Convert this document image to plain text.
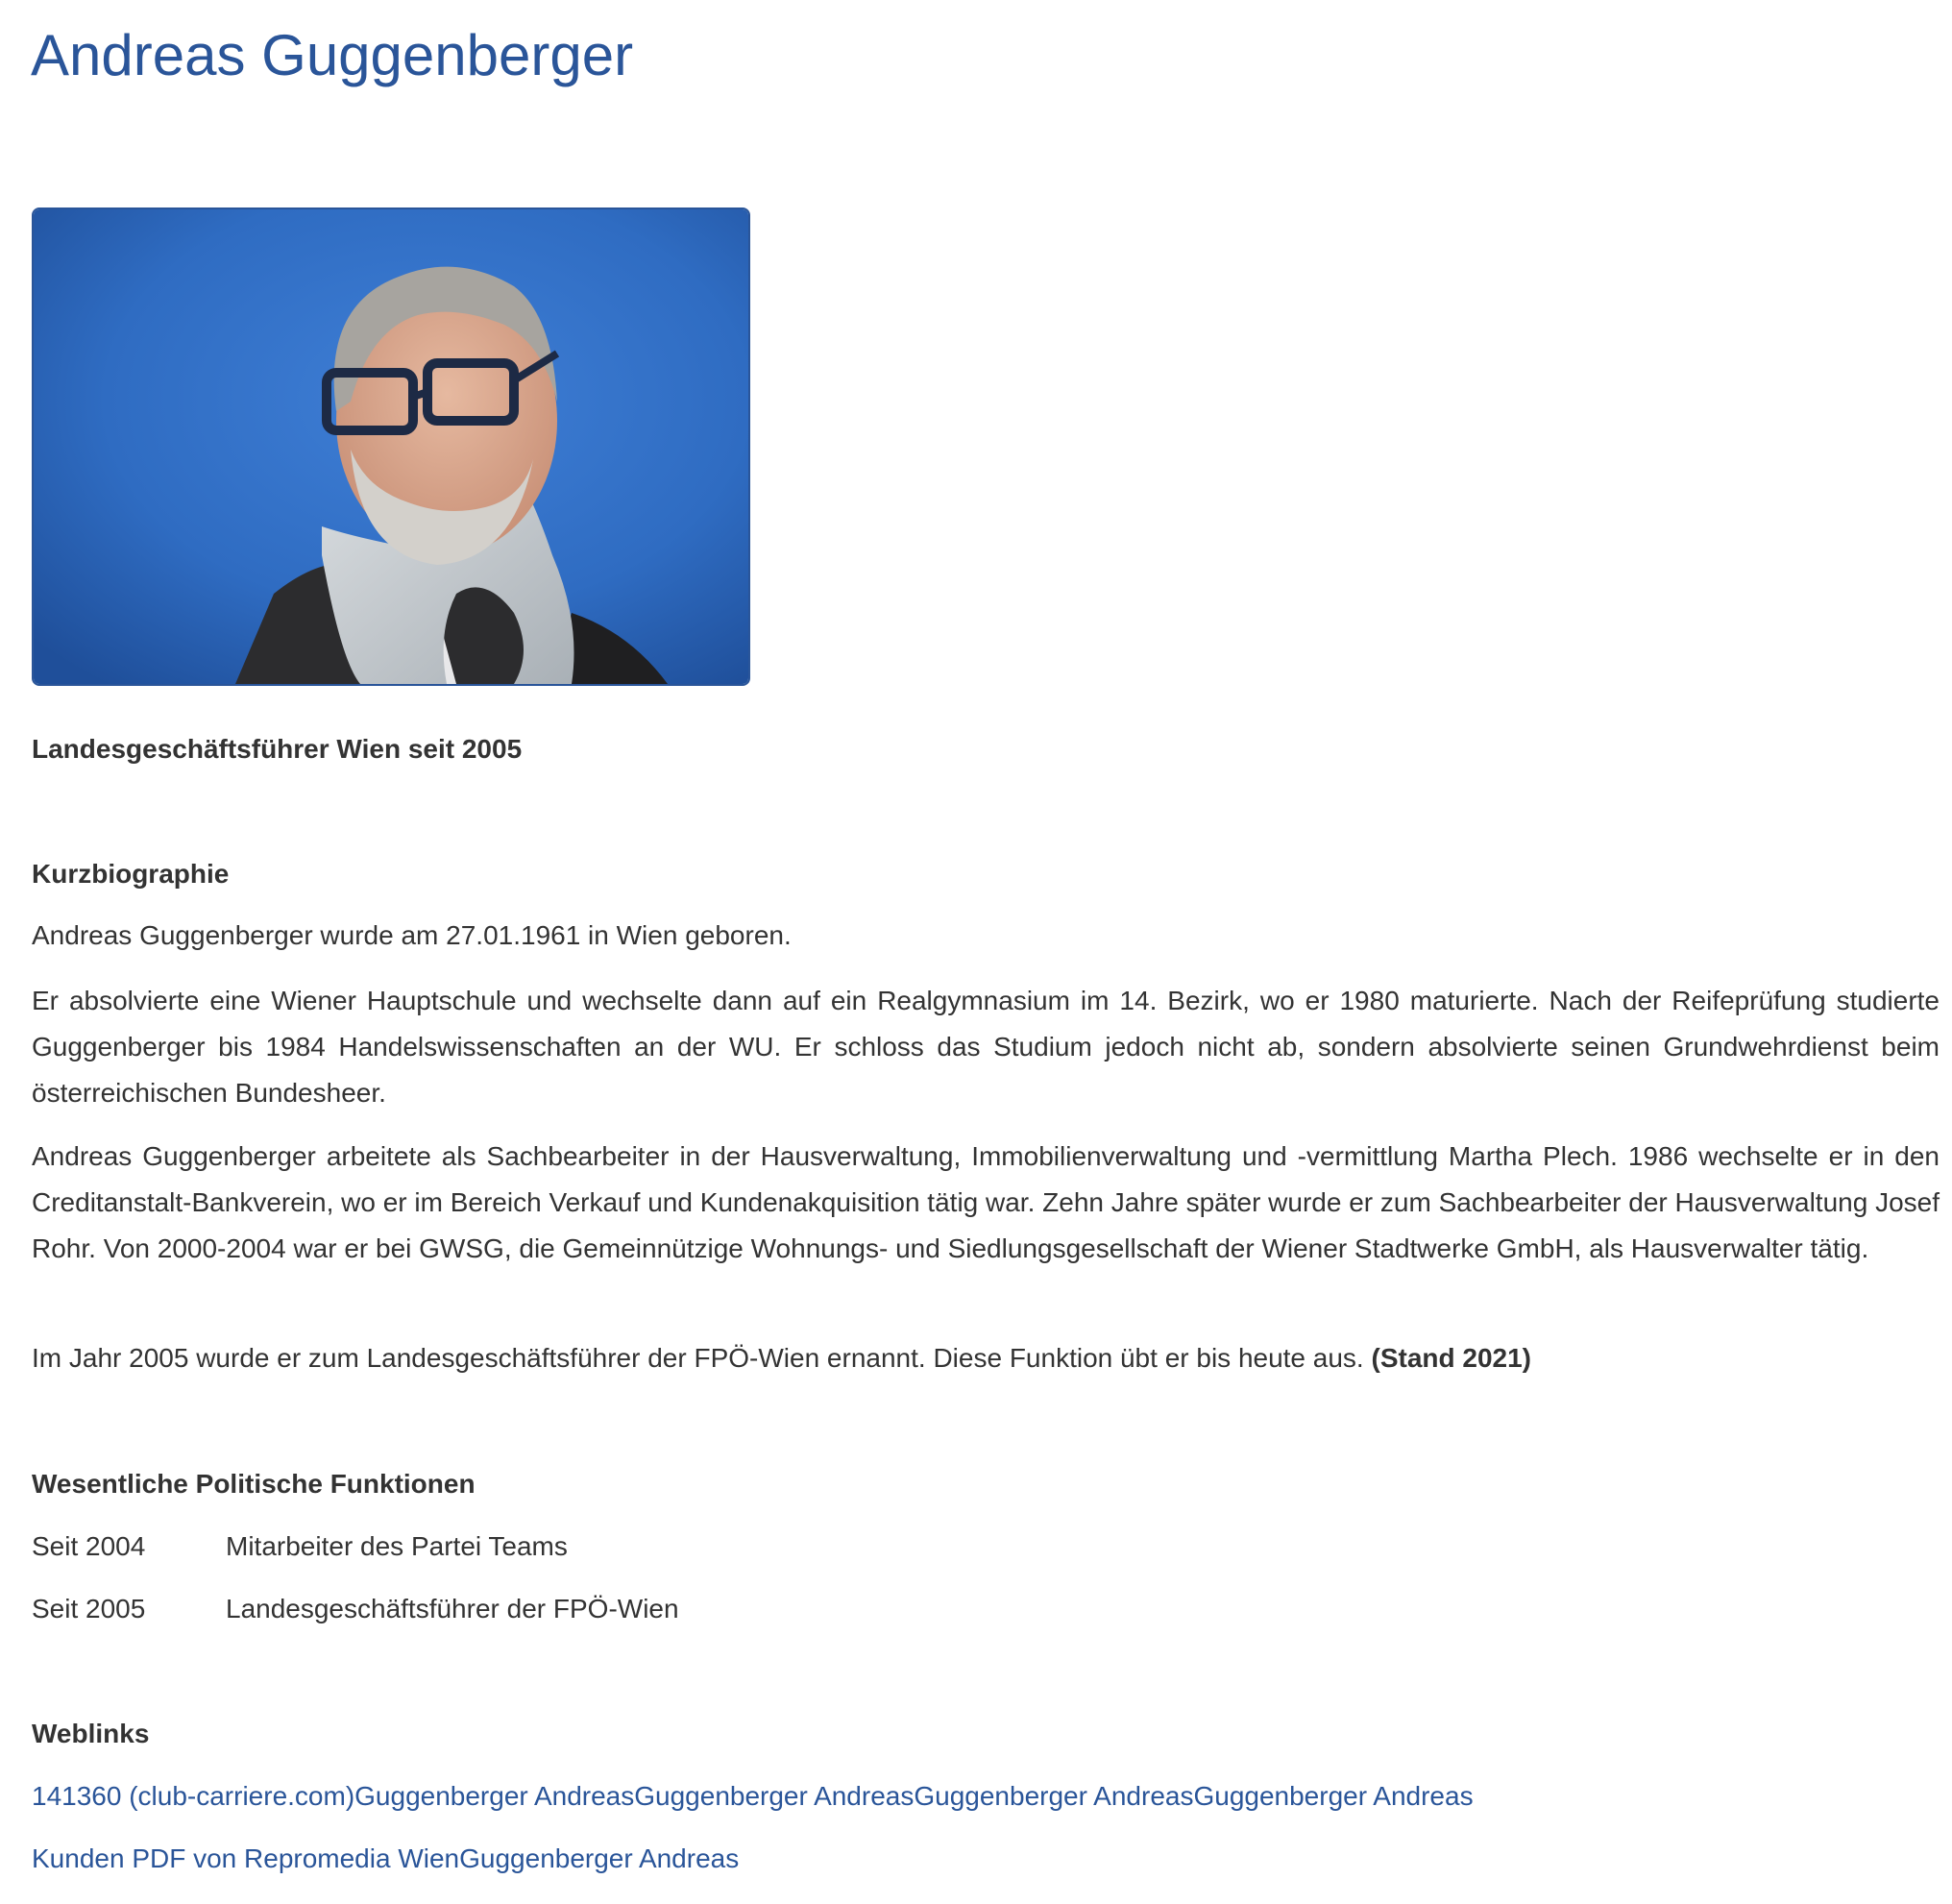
Andreas Guggenberger

Landesgeschäftsführer Wien seit 2005

Kurzbiographie

Andreas Guggenberger wurde am 27.01.1961 in Wien geboren.

Er absolvierte eine Wiener Hauptschule und wechselte dann auf ein Realgymnasium im 14. Bezirk, wo er 1980 maturierte. Nach der Reifeprüfung studierte Guggenberger bis 1984 Handelswissenschaften an der WU. Er schloss das Studium jedoch nicht ab, sondern absolvierte seinen Grundwehrdienst beim österreichischen Bundesheer.

Andreas Guggenberger arbeitete als Sachbearbeiter in der Hausverwaltung, Immobilienverwaltung und -vermittlung Martha Plech. 1986 wechselte er in den Creditanstalt-Bankverein, wo er im Bereich Verkauf und Kundenakquisition tätig war. Zehn Jahre später wurde er zum Sachbearbeiter der Hausverwaltung Josef Rohr. Von 2000-2004 war er bei GWSG, die Gemeinnützige Wohnungs- und Siedlungsgesellschaft der Wiener Stadtwerke GmbH, als Hausverwalter tätig.

Im Jahr 2005 wurde er zum Landesgeschäftsführer der FPÖ-Wien ernannt. Diese Funktion übt er bis heute aus. (Stand 2021)

Wesentliche Politische Funktionen

Seit 2004	Mitarbeiter des Partei Teams
Seit 2005	Landesgeschäftsführer der FPÖ-Wien

Weblinks

141360 (club-carriere.com)Guggenberger AndreasGuggenberger AndreasGuggenberger AndreasGuggenberger Andreas
Kunden PDF von Repromedia WienGuggenberger Andreas
